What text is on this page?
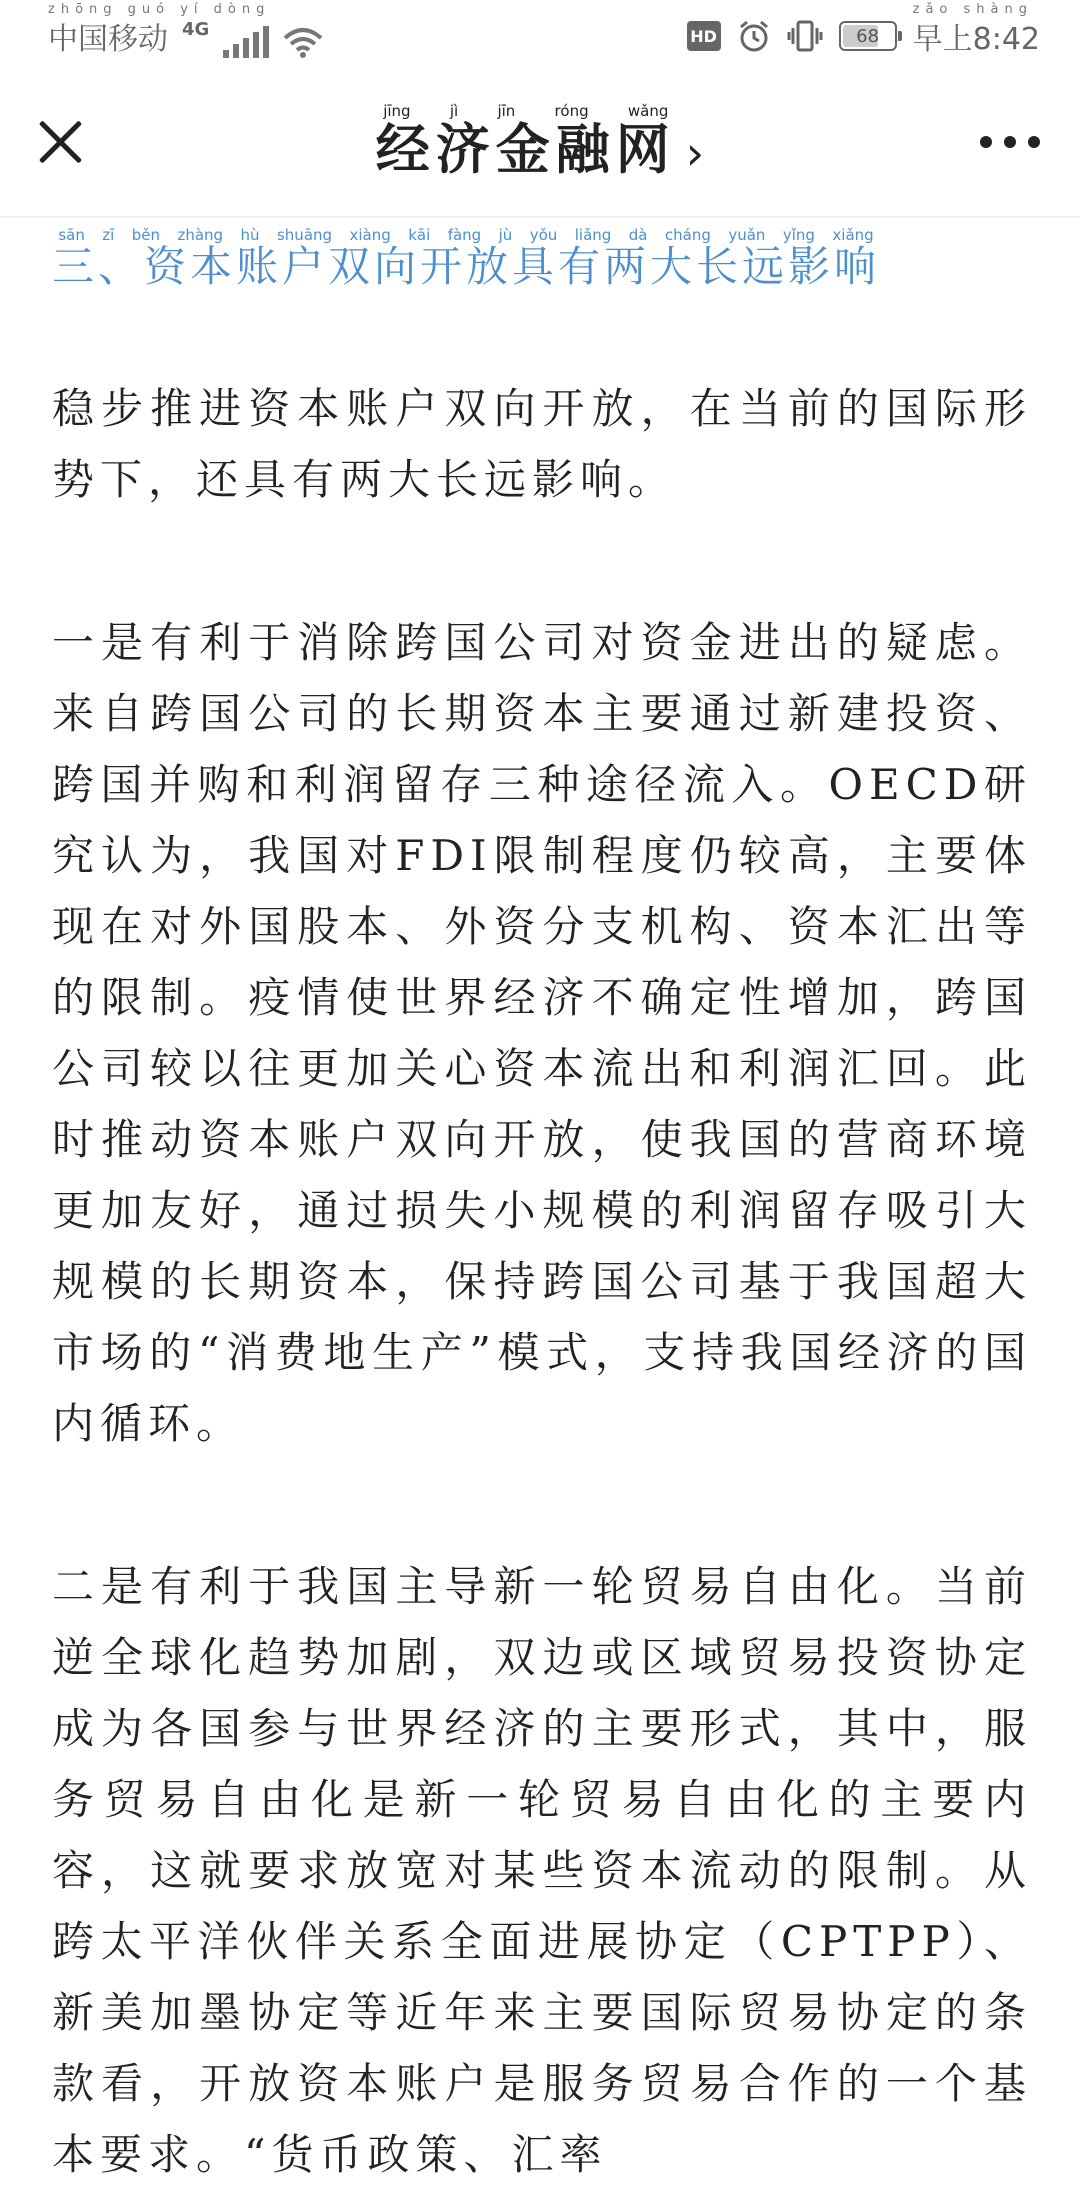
zhōng guó yí dòng
中国移动 4G	HD	68
zǎo shàng
早上8:42
经济金融网jīng  jì  jīn  róng  wǎng
›
三、资本账户双向开放具有两大长远影响sān zī běn zhàng hù shuāng xiàng kāi fàng jù yǒu liǎng dà cháng yuǎn yǐng xiǎng

稳步推进资本账户双向开放，在当前的国际形势下，还具有两大长远影响。

一是有利于消除跨国公司对资金进出的疑虑。来自跨国公司的长期资本主要通过新建投资、跨国并购和利润留存三种途径流入。OECD研究认为，我国对FDI限制程度仍较高，主要体现在对外国股本、外资分支机构、资本汇出等的限制。疫情使世界经济不确定性增加，跨国公司较以往更加关心资本流出和利润汇回。此时推动资本账户双向开放，使我国的营商环境更加友好，通过损失小规模的利润留存吸引大规模的长期资本，保持跨国公司基于我国超大市场的“消费地生产”模式，支持我国经济的国内循环。

二是有利于我国主导新一轮贸易自由化。当前逆全球化趋势加剧，双边或区域贸易投资协定成为各国参与世界经济的主要形式，其中，服务贸易自由化是新一轮贸易自由化的主要内容，这就要求放宽对某些资本流动的限制。从跨太平洋伙伴关系全面进展协定（CPTPP）、新美加墨协定等近年来主要国际贸易协定的条款看，开放资本账户是服务贸易合作的一个基本要求。“货币政策、汇率
